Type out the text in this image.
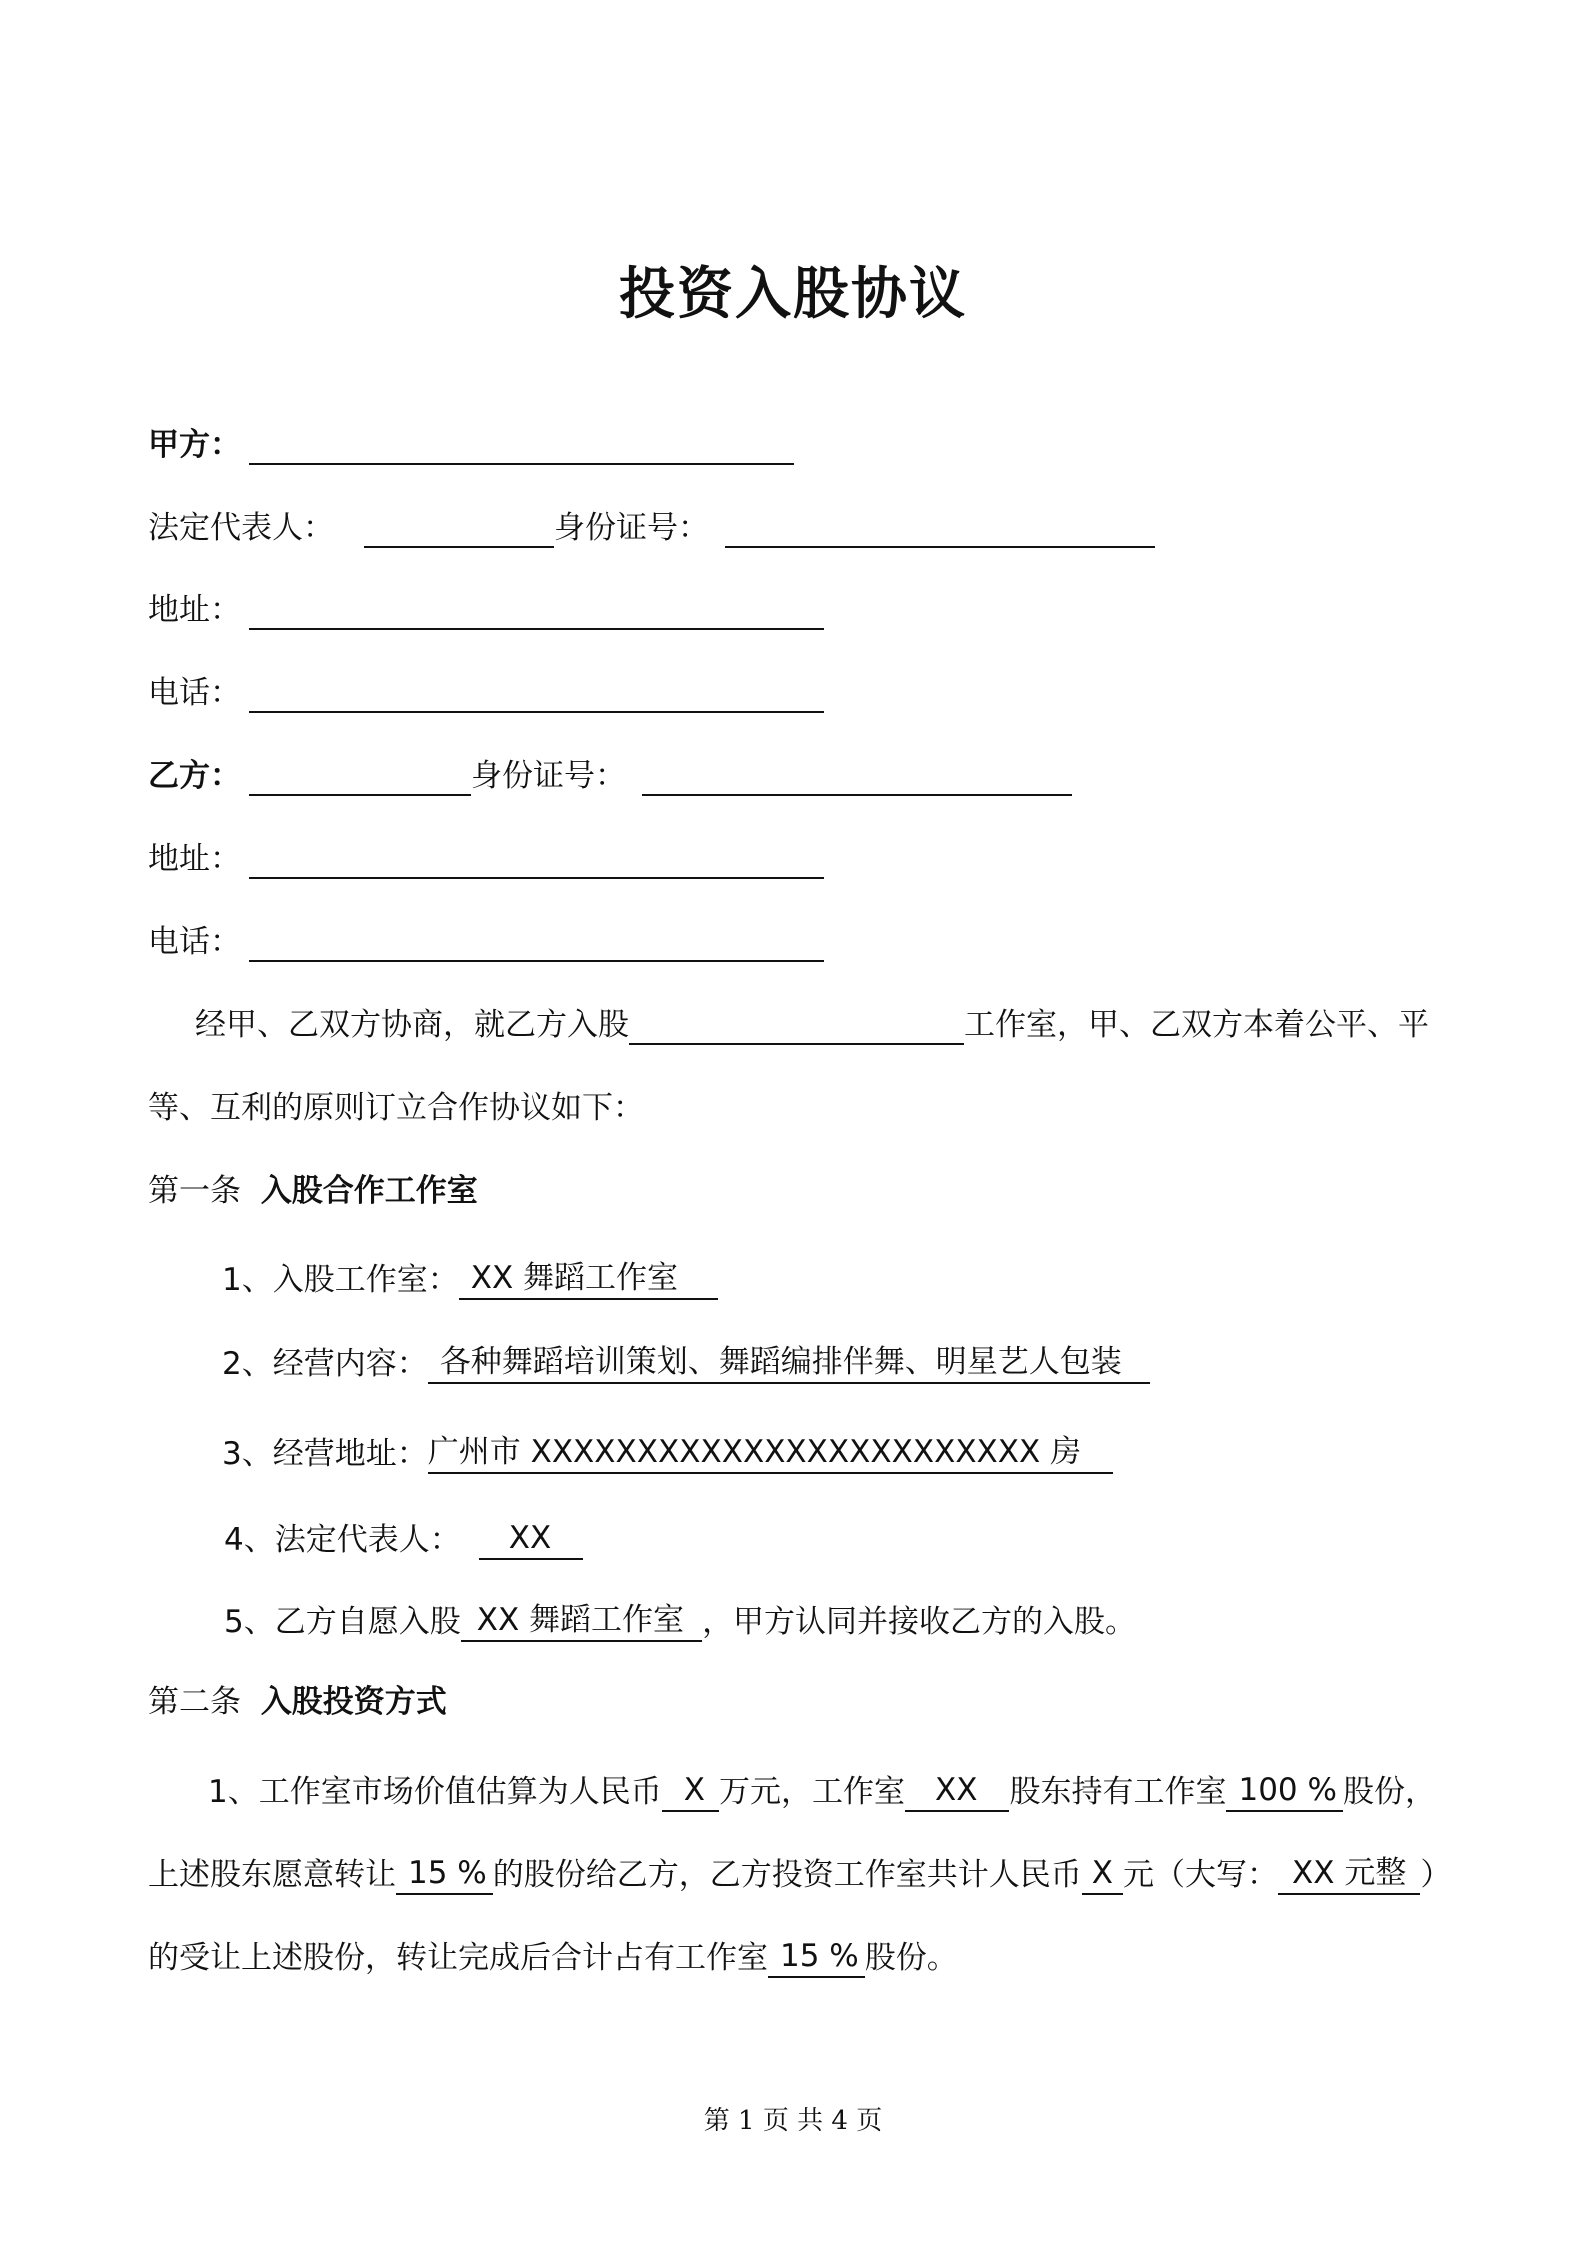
投资入股协议
甲方：
法定代表人：	身份证号：
地址：
电话：
乙方：	身份证号：
地址：
电话：
经甲、乙双方协商，就乙方入股	工作室，甲、乙双方本着公平、平
等、互利的原则订立合作协议如下：
第一条 入股合作工作室
1、入股工作室： XX 舞蹈工作室
2、经营内容： 各种舞蹈培训策划、舞蹈编排伴舞、明星艺人包装
3、经营地址：广州市 XXXXXXXXXXXXXXXXXXXXXXXX 房
4、法定代表人： XX
5、乙方自愿入股 XX 舞蹈工作室 ，甲方认同并接收乙方的入股。
第二条 入股投资方式
1、工作室市场价值估算为人民币 X 万元，工作室 XX 股东持有工作室 100 % 股份，
上述股东愿意转让 15 % 的股份给乙方，乙方投资工作室共计人民币 X 元（大写： XX 元整 ）
的受让上述股份，转让完成后合计占有工作室 15 % 股份。
第 1 页 共 4 页
